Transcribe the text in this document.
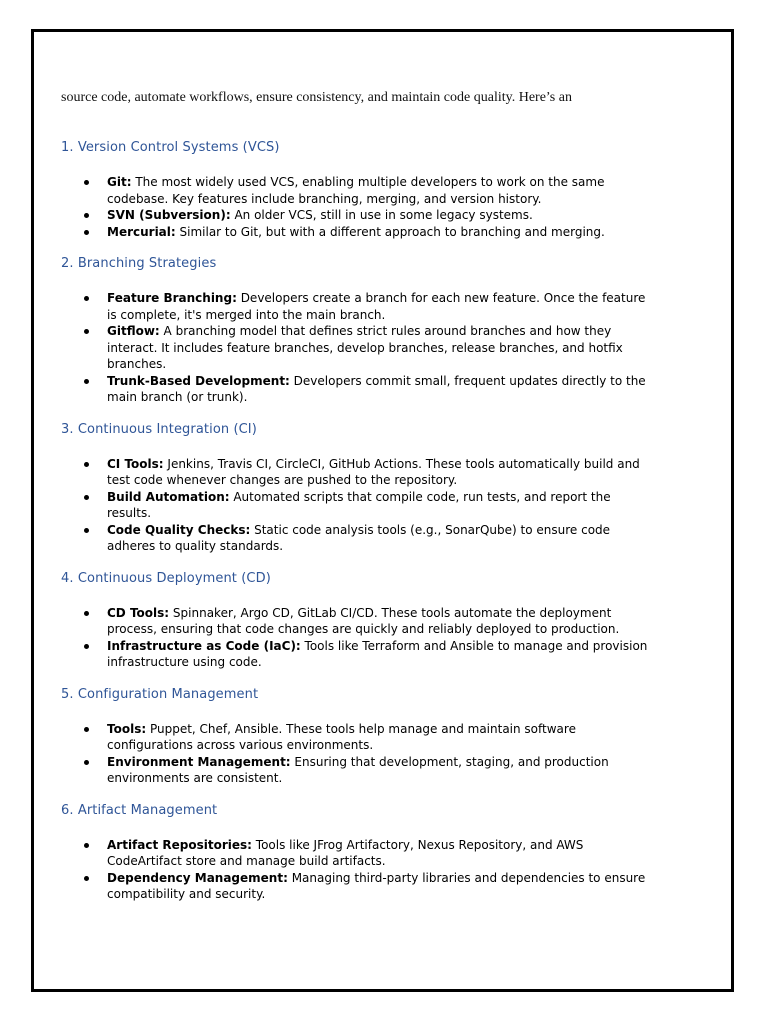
source code, automate workflows, ensure consistency, and maintain code quality. Here’s an

1. Version Control Systems (VCS)
Git: The most widely used VCS, enabling multiple developers to work on the same codebase. Key features include branching, merging, and version history.
SVN (Subversion): An older VCS, still in use in some legacy systems.
Mercurial: Similar to Git, but with a different approach to branching and merging.
2. Branching Strategies
Feature Branching: Developers create a branch for each new feature. Once the feature is complete, it's merged into the main branch.
Gitflow: A branching model that defines strict rules around branches and how they interact. It includes feature branches, develop branches, release branches, and hotfix branches.
Trunk-Based Development: Developers commit small, frequent updates directly to the main branch (or trunk).
3. Continuous Integration (CI)
CI Tools: Jenkins, Travis CI, CircleCI, GitHub Actions. These tools automatically build and test code whenever changes are pushed to the repository.
Build Automation: Automated scripts that compile code, run tests, and report the results.
Code Quality Checks: Static code analysis tools (e.g., SonarQube) to ensure code adheres to quality standards.
4. Continuous Deployment (CD)
CD Tools: Spinnaker, Argo CD, GitLab CI/CD. These tools automate the deployment process, ensuring that code changes are quickly and reliably deployed to production.
Infrastructure as Code (IaC): Tools like Terraform and Ansible to manage and provision infrastructure using code.
5. Configuration Management
Tools: Puppet, Chef, Ansible. These tools help manage and maintain software configurations across various environments.
Environment Management: Ensuring that development, staging, and production environments are consistent.
6. Artifact Management
Artifact Repositories: Tools like JFrog Artifactory, Nexus Repository, and AWS CodeArtifact store and manage build artifacts.
Dependency Management: Managing third-party libraries and dependencies to ensure compatibility and security.
